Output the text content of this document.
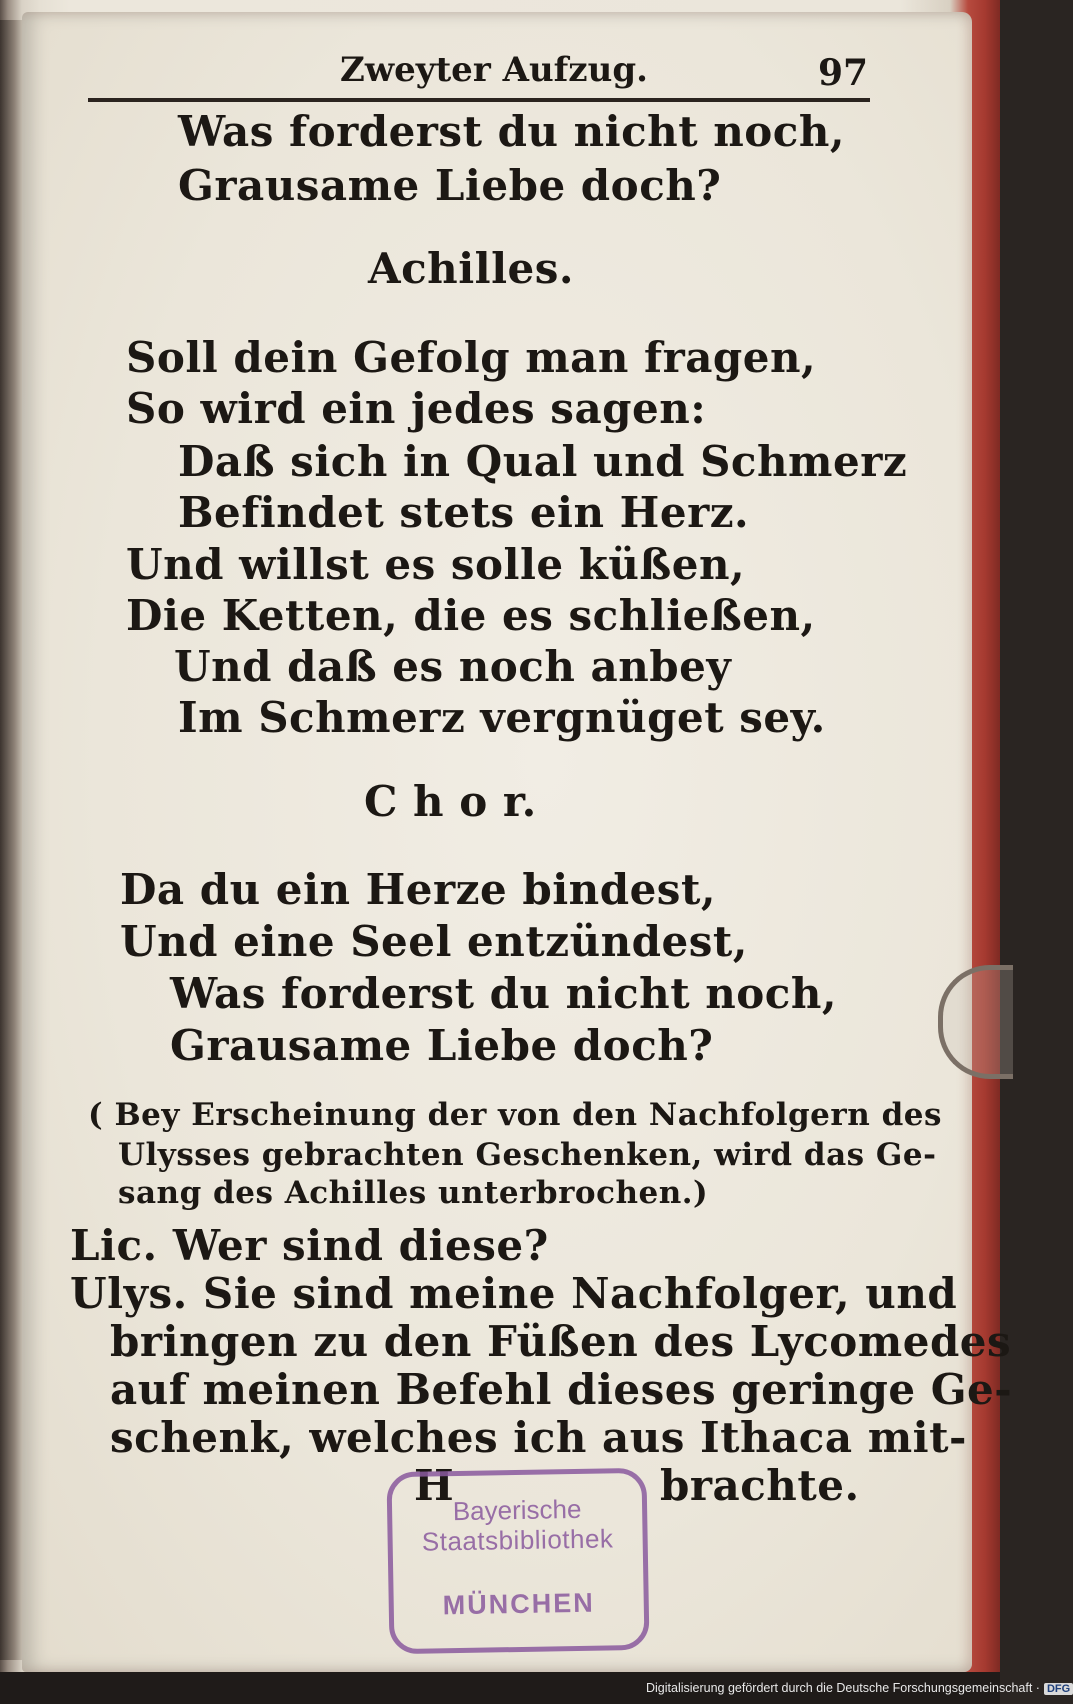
Zweyter Aufzug.	97
Was forderst du nicht noch,
Grausame Liebe doch?
Achilles.
Soll dein Gefolg man fragen,
So wird ein jedes sagen:
Daß sich in Qual und Schmerz
Befindet stets ein Herz.
Und willst es solle küßen,
Die Ketten, die es schließen,
Und daß es noch anbey
Im Schmerz vergnüget sey.
C h o r.
Da du ein Herze bindest,
Und eine Seel entzündest,
Was forderst du nicht noch,
Grausame Liebe doch?
( Bey Erscheinung der von den Nachfolgern des
Ulysses gebrachten Geschenken, wird das Ge-
sang des Achilles unterbrochen.)
Lic. Wer sind diese?
Ulys. Sie sind meine Nachfolger, und
bringen zu den Füßen des Lycomedes
auf meinen Befehl dieses geringe Ge-
schenk, welches ich aus Ithaca mit-
H	brachte.
Bayerische
Staatsbibliothek
MÜNCHEN
Digitalisierung gefördert durch die Deutsche Forschungsgemeinschaft · DFG
